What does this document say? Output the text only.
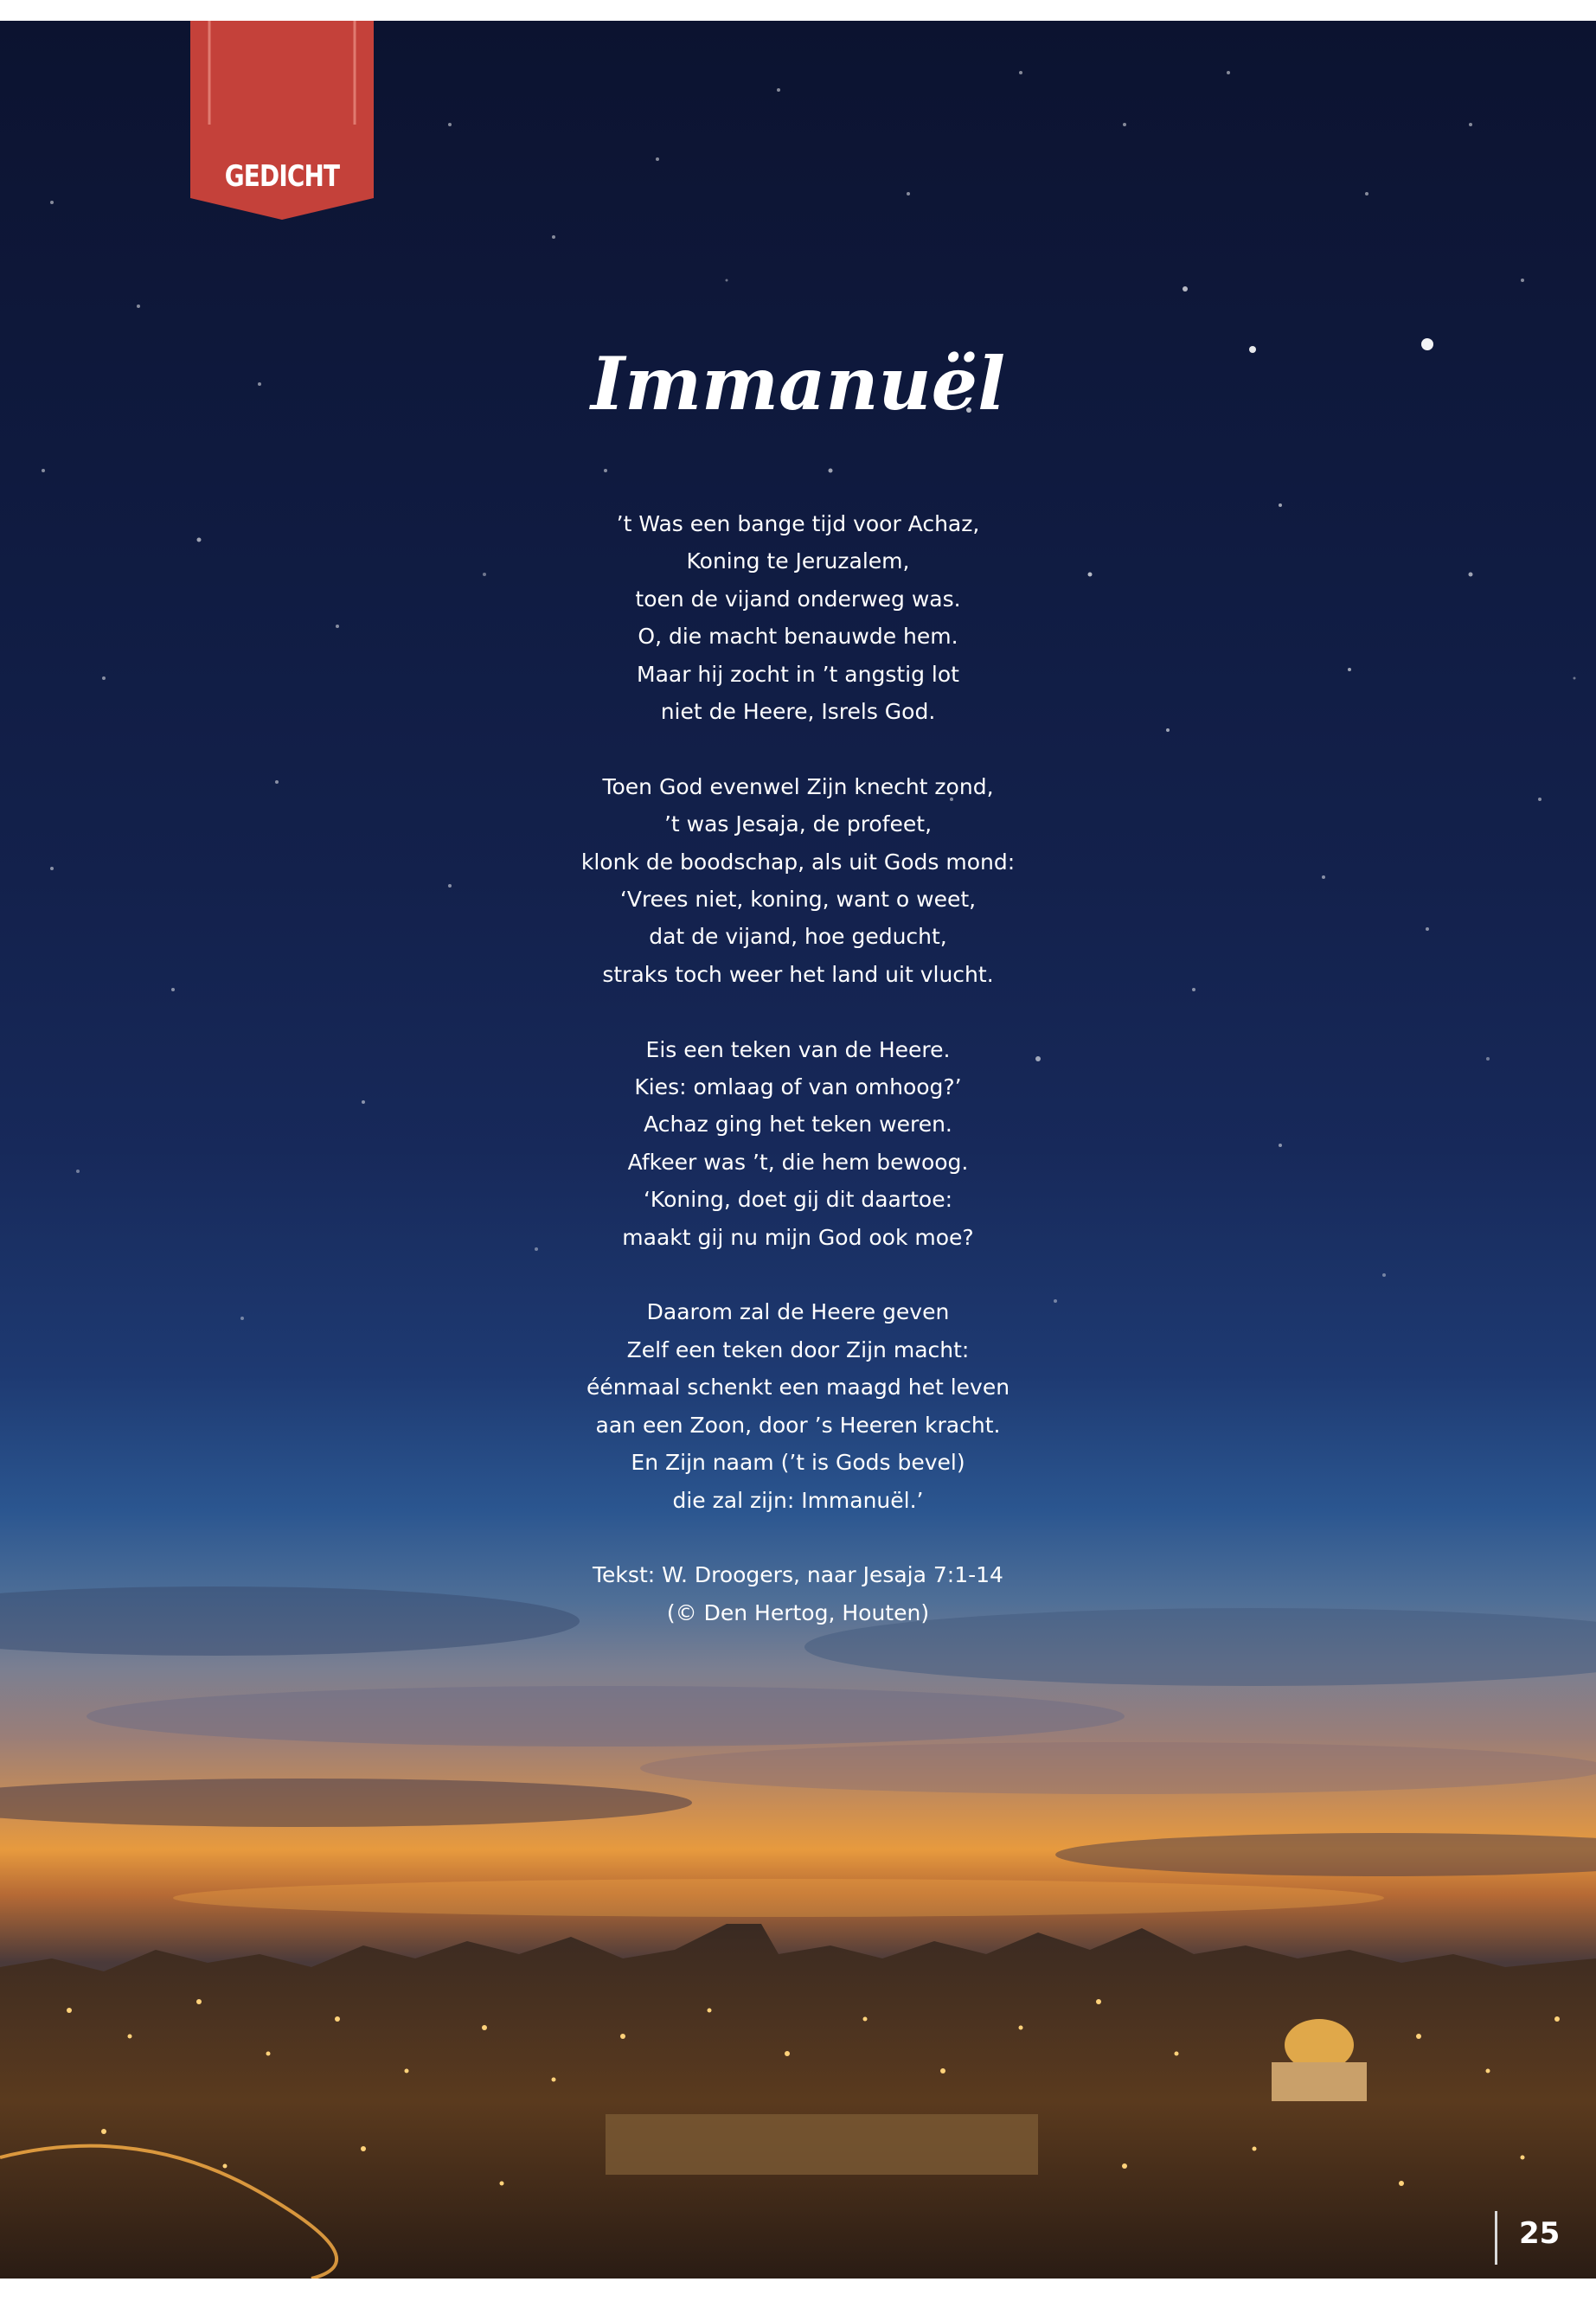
GEDICHT
Immanuël
’t Was een bange tijd voor Achaz,
Koning te Jeruzalem,
toen de vijand onderweg was.
O, die macht benauwde hem.
Maar hij zocht in ’t angstig lot
niet de Heere, Isrels God.
Toen God evenwel Zijn knecht zond,
’t was Jesaja, de profeet,
klonk de boodschap, als uit Gods mond:
‘Vrees niet, koning, want o weet,
dat de vijand, hoe geducht,
straks toch weer het land uit vlucht.
Eis een teken van de Heere.
Kies: omlaag of van omhoog?’
Achaz ging het teken weren.
Afkeer was ’t, die hem bewoog.
‘Koning, doet gij dit daartoe:
maakt gij nu mijn God ook moe?
Daarom zal de Heere geven
Zelf een teken door Zijn macht:
éénmaal schenkt een maagd het leven
aan een Zoon, door ’s Heeren kracht.
En Zijn naam (’t is Gods bevel)
die zal zijn: Immanuël.’
Tekst: W. Droogers, naar Jesaja 7:1-14
(© Den Hertog, Houten)
25
